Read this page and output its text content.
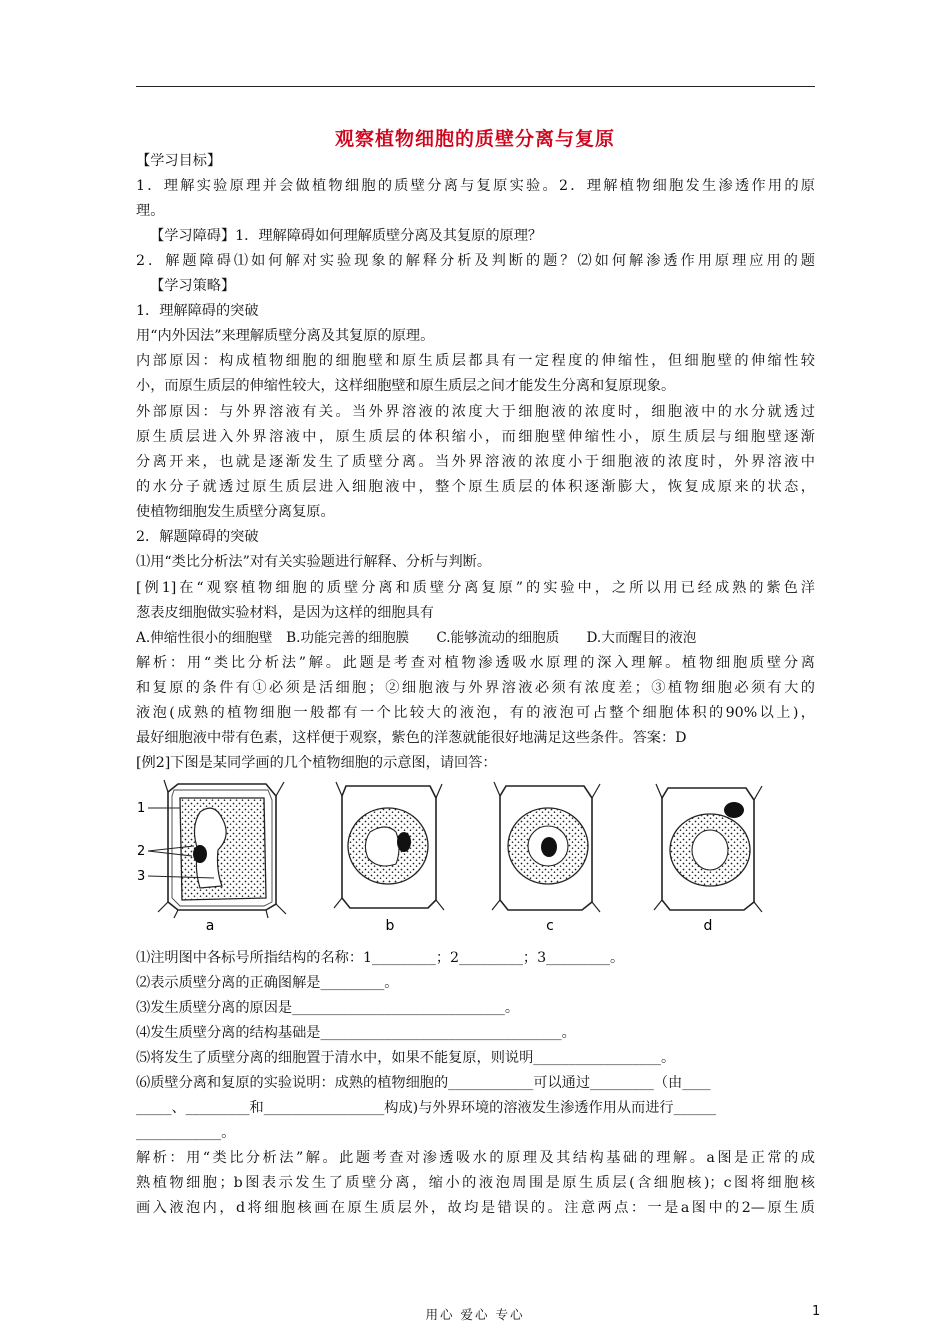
观察植物细胞的质壁分离与复原
【学习目标】
1．理解实验原理并会做植物细胞的质壁分离与复原实验。2．理解植物细胞发生渗透作用的原
理。
【学习障碍】1．理解障碍如何理解质壁分离及其复原的原理？
2．解题障碍⑴如何解对实验现象的解释分析及判断的题？⑵如何解渗透作用原理应用的题
【学习策略】
1．理解障碍的突破
用“内外因法”来理解质壁分离及其复原的原理。
内部原因：构成植物细胞的细胞壁和原生质层都具有一定程度的伸缩性，但细胞壁的伸缩性较
小，而原生质层的伸缩性较大，这样细胞壁和原生质层之间才能发生分离和复原现象。
外部原因：与外界溶液有关。当外界溶液的浓度大于细胞液的浓度时，细胞液中的水分就透过
原生质层进入外界溶液中，原生质层的体积缩小，而细胞壁伸缩性小，原生质层与细胞壁逐渐
分离开来，也就是逐渐发生了质壁分离。当外界溶液的浓度小于细胞液的浓度时，外界溶液中
的水分子就透过原生质层进入细胞液中，整个原生质层的体积逐渐膨大，恢复成原来的状态，
使植物细胞发生质壁分离复原。
2．解题障碍的突破
⑴用“类比分析法”对有关实验题进行解释、分析与判断。
[例1]在“观察植物细胞的质壁分离和质壁分离复原”的实验中，之所以用已经成熟的紫色洋
葱表皮细胞做实验材料，是因为这样的细胞具有
A.伸缩性很小的细胞壁　B.功能完善的细胞膜　　C.能够流动的细胞质　　D.大而醒目的液泡
解析：用“类比分析法”解。此题是考查对植物渗透吸水原理的深入理解。植物细胞质壁分离
和复原的条件有①必须是活细胞；②细胞液与外界溶液必须有浓度差；③植物细胞必须有大的
液泡(成熟的植物细胞一般都有一个比较大的液泡，有的液泡可占整个细胞体积的90%以上)，
最好细胞液中带有色素，这样便于观察，紫色的洋葱就能很好地满足这些条件。答案：D
[例2]下图是某同学画的几个植物细胞的示意图，请回答：
1
2
3
a	b	c	d
⑴注明图中各标号所指结构的名称：1_________；2_________；3_________。
⑵表示质壁分离的正确图解是_________。
⑶发生质壁分离的原因是______________________________。
⑷发生质壁分离的结构基础是__________________________________。
⑸将发生了质壁分离的细胞置于清水中，如果不能复原，则说明__________________。
⑹质壁分离和复原的实验说明：成熟的植物细胞的____________可以通过_________（由____
_____、_________和_________________构成)与外界环境的溶液发生渗透作用从而进行______
____________。
解析：用“类比分析法”解。此题考查对渗透吸水的原理及其结构基础的理解。a图是正常的成
熟植物细胞；b图表示发生了质壁分离，缩小的液泡周围是原生质层(含细胞核)；c图将细胞核
画入液泡内，d将细胞核画在原生质层外，故均是错误的。注意两点：一是a图中的2—原生质
用心 爱心 专心	1
